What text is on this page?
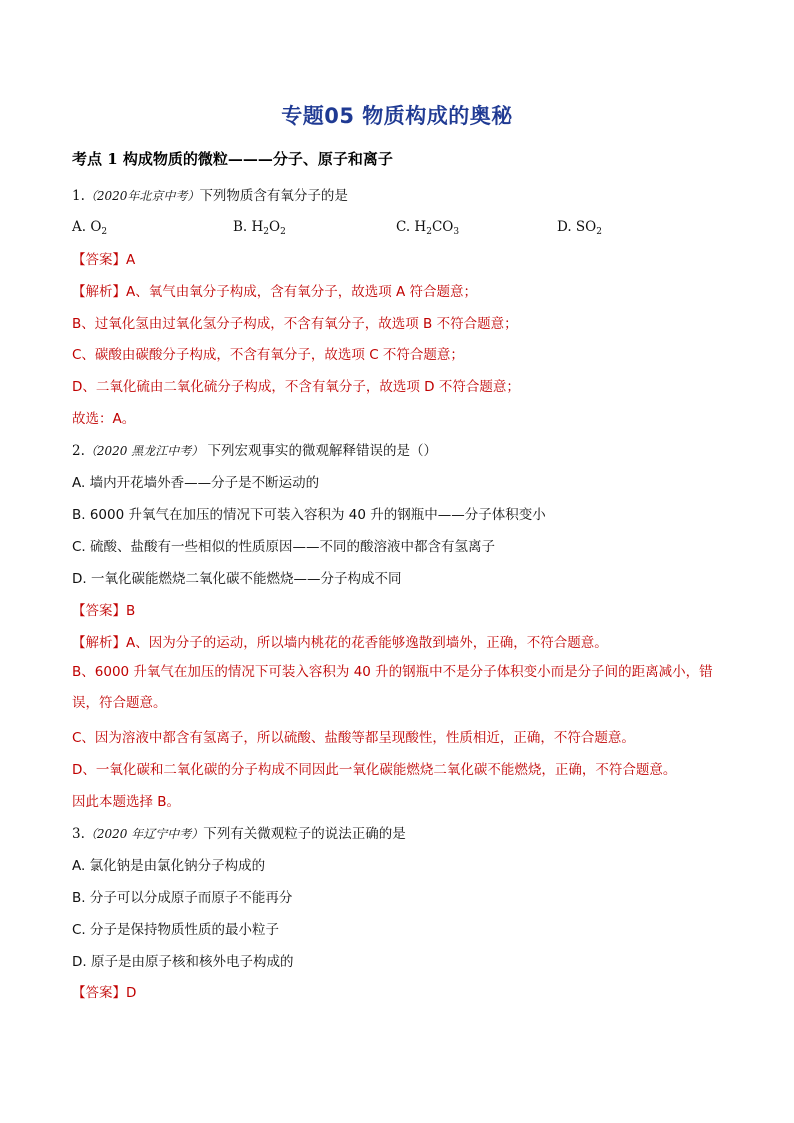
专题05 物质构成的奥秘
考点 1 构成物质的微粒———分子、原子和离子
1.（2020年北京中考）下列物质含有氧分子的是
A. $O_2$	B. $H_2O_2$	C. $H_2CO_3$	D. $SO_2$
【答案】A
【解析】A、氧气由氧分子构成，含有氧分子，故选项 A 符合题意；
B、过氧化氢由过氧化氢分子构成，不含有氧分子，故选项 B 不符合题意；
C、碳酸由碳酸分子构成，不含有氧分子，故选项 C 不符合题意；
D、二氧化硫由二氧化硫分子构成，不含有氧分子，故选项 D 不符合题意；
故选：A。
2.（2020 黑龙江中考） 下列宏观事实的微观解释错误的是（）
A. 墙内开花墙外香——分子是不断运动的
B. 6000 升氧气在加压的情况下可装入容积为 40 升的钢瓶中——分子体积变小
C. 硫酸、盐酸有一些相似的性质原因——不同的酸溶液中都含有氢离子
D. 一氧化碳能燃烧二氧化碳不能燃烧——分子构成不同
【答案】B
【解析】A、因为分子的运动，所以墙内桃花的花香能够逸散到墙外，正确，不符合题意。
B、6000 升氧气在加压的情况下可装入容积为 40 升的钢瓶中不是分子体积变小而是分子间的距离减小，错误，符合题意。
C、因为溶液中都含有氢离子，所以硫酸、盐酸等都呈现酸性，性质相近，正确，不符合题意。
D、一氧化碳和二氧化碳的分子构成不同因此一氧化碳能燃烧二氧化碳不能燃烧，正确，不符合题意。
因此本题选择 B。
3.（2020 年辽宁中考）下列有关微观粒子的说法正确的是
A. 氯化钠是由氯化钠分子构成的
B. 分子可以分成原子而原子不能再分
C. 分子是保持物质性质的最小粒子
D. 原子是由原子核和核外电子构成的
【答案】D
